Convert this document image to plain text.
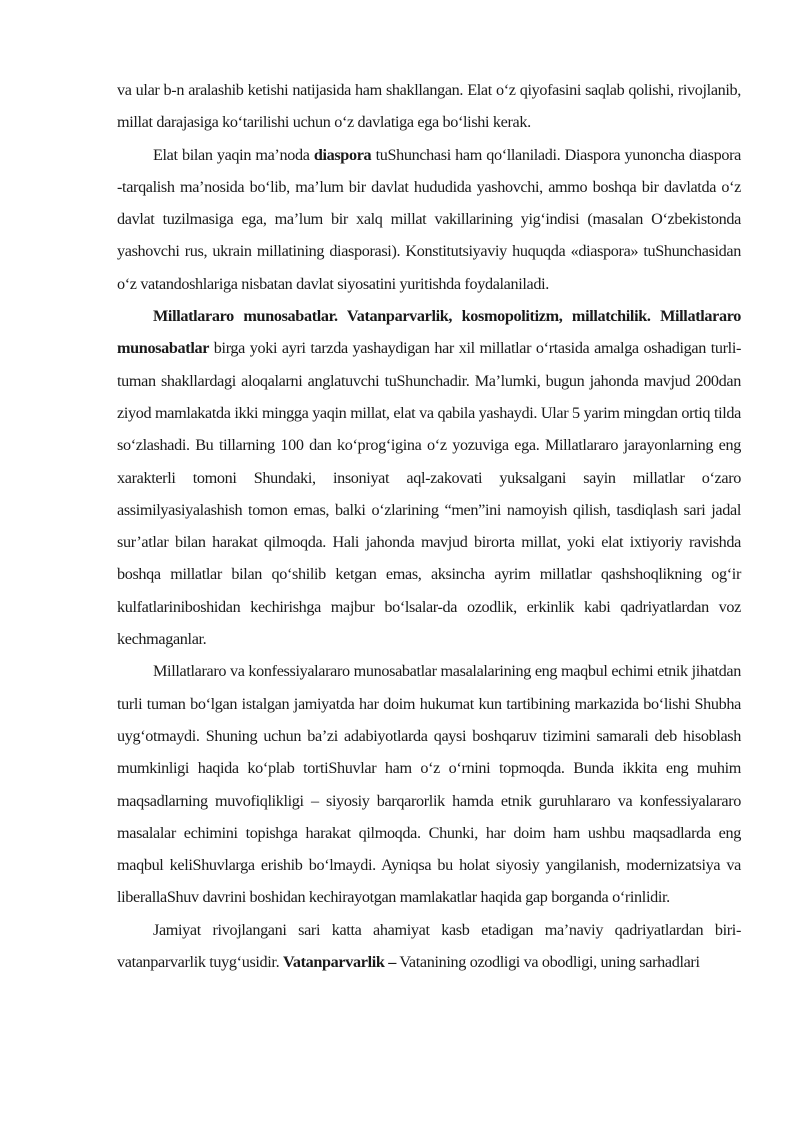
va ular b-n aralashib ketishi natijasida ham shakllangan. Elat o‘z qiyofasini saqlab qolishi, rivojlanib, millat darajasiga ko‘tarilishi uchun o‘z davlatiga ega bo‘lishi kerak.

Elat bilan yaqin ma’noda diaspora tuShunchasi ham qo‘llaniladi. Diaspora yunoncha diaspora -tarqalish ma’nosida bo‘lib, ma’lum bir davlat hududida yashovchi, ammo boshqa bir davlatda o‘z davlat tuzilmasiga ega, ma’lum bir xalq millat vakillarining yig‘indisi (masalan O‘zbekistonda yashovchi rus, ukrain millatining diasporasi). Konstitutsiyaviy huquqda «diaspora» tuShunchasidan o‘z vatandoshlariga nisbatan davlat siyosatini yuritishda foydalaniladi.

Millatlararo munosabatlar. Vatanparvarlik, kosmopolitizm, millatchilik. Millatlararo munosabatlar birga yoki ayri tarzda yashaydigan har xil millatlar o‘rtasida amalga oshadigan turli-tuman shakllardagi aloqalarni anglatuvchi tuShunchadir. Ma’lumki, bugun jahonda mavjud 200dan ziyod mamlakatda ikki mingga yaqin millat, elat va qabila yashaydi. Ular 5 yarim mingdan ortiq tilda so‘zlashadi. Bu tillarning 100 dan ko‘prog‘igina o‘z yozuviga ega. Millatlararo jarayonlarning eng xarakterli tomoni Shundaki, insoniyat aql-zakovati yuksalgani sayin millatlar o‘zaro assimilyasiyalashish tomon emas, balki o‘zlarining “men”ini namoyish qilish, tasdiqlash sari jadal sur’atlar bilan harakat qilmoqda. Hali jahonda mavjud birorta millat, yoki elat ixtiyoriy ravishda boshqa millatlar bilan qo‘shilib ketgan emas, aksincha ayrim millatlar qashshoqlikning og‘ir kulfatlariniboshidan kechirishga majbur bo‘lsalar-da ozodlik, erkinlik kabi qadriyatlardan voz kechmaganlar.

Millatlararo va konfessiyalararo munosabatlar masalalarining eng maqbul echimi etnik jihatdan turli tuman bo‘lgan istalgan jamiyatda har doim hukumat kun tartibining markazida bo‘lishi Shubha uyg‘otmaydi. Shuning uchun ba’zi adabiyotlarda qaysi boshqaruv tizimini samarali deb hisoblash mumkinligi haqida ko‘plab tortiShuvlar ham o‘z o‘rnini topmoqda. Bunda ikkita eng muhim maqsadlarning muvofiqlikligi – siyosiy barqarorlik hamda etnik guruhlararo va konfessiyalararo masalalar echimini topishga harakat qilmoqda. Chunki, har doim ham ushbu maqsadlarda eng maqbul keliShuvlarga erishib bo‘lmaydi. Ayniqsa bu holat siyosiy yangilanish, modernizatsiya va liberallaShuv davrini boshidan kechirayotgan mamlakatlar haqida gap borganda o‘rinlidir.

Jamiyat rivojlangani sari katta ahamiyat kasb etadigan ma’naviy qadriyatlardan biri-vatanparvarlik tuyg‘usidir. Vatanparvarlik – Vatanining ozodligi va obodligi, uning sarhadlari
